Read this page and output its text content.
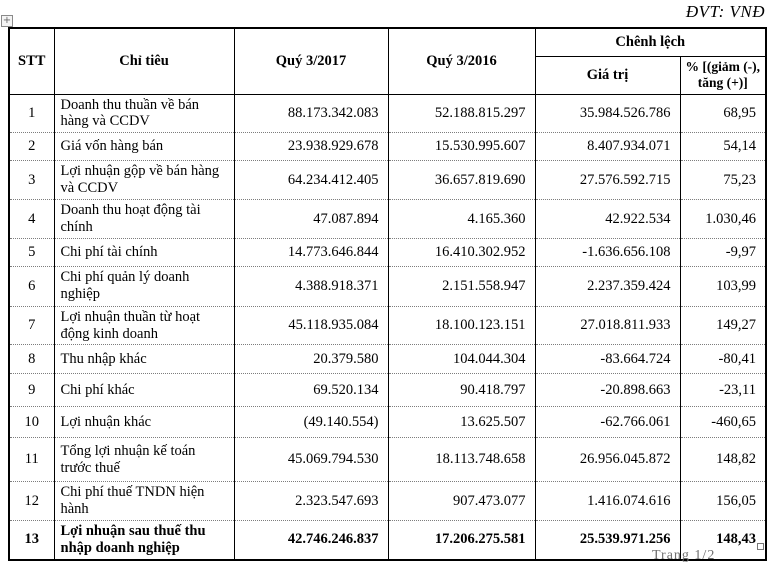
ĐVT: VNĐ
+
STT	Chỉ tiêu	Quý 3/2017	Quý 3/2016	Chênh lệch	
				Giá trị	% [(giảm (-), tăng (+)]
1	Doanh thu thuần về bán hàng và CCDV	88.173.342.083	52.188.815.297	35.984.526.786	68,95
2	Giá vốn hàng bán	23.938.929.678	15.530.995.607	8.407.934.071	54,14
3	Lợi nhuận gộp về bán hàng và CCDV	64.234.412.405	36.657.819.690	27.576.592.715	75,23
4	Doanh thu hoạt động tài chính	47.087.894	4.165.360	42.922.534	1.030,46
5	Chi phí tài chính	14.773.646.844	16.410.302.952	-1.636.656.108	-9,97
6	Chi phí quản lý doanh nghiệp	4.388.918.371	2.151.558.947	2.237.359.424	103,99
7	Lợi nhuận thuần từ hoạt động kinh doanh	45.118.935.084	18.100.123.151	27.018.811.933	149,27
8	Thu nhập khác	20.379.580	104.044.304	-83.664.724	-80,41
9	Chi phí khác	69.520.134	90.418.797	-20.898.663	-23,11
10	Lợi nhuận khác	(49.140.554)	13.625.507	-62.766.061	-460,65
11	Tổng lợi nhuận kế toán trước thuế	45.069.794.530	18.113.748.658	26.956.045.872	148,82
12	Chi phí thuế TNDN hiện hành	2.323.547.693	907.473.077	1.416.074.616	156,05
13	Lợi nhuận sau thuế thu nhập doanh nghiệp	42.746.246.837	17.206.275.581	25.539.971.256	148,43
Trang 1/2
